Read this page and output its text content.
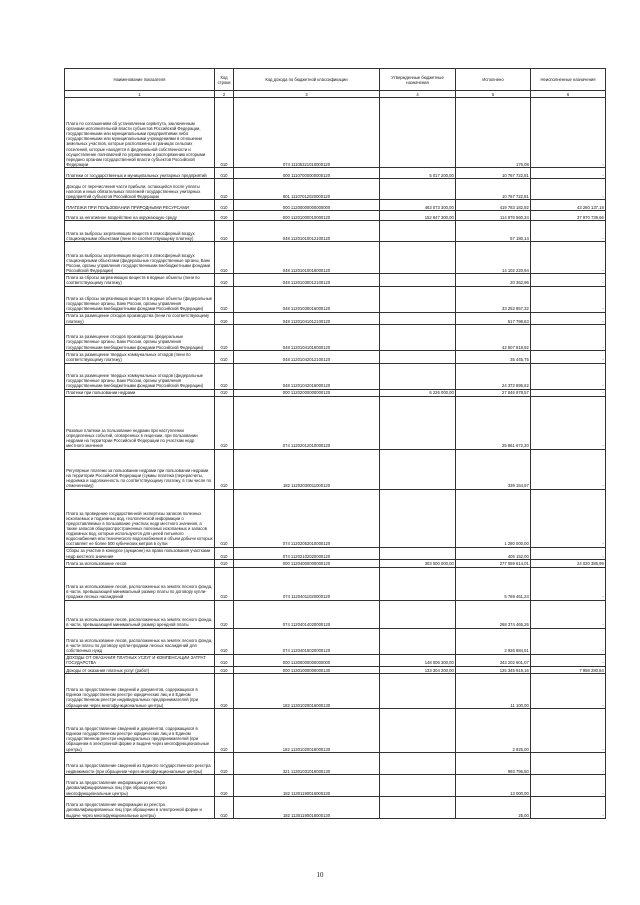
Наименование показателя	Код строки	Код дохода по бюджетной классификации	Утвержденные бюджетные назначения	Исполнено	Неисполненные назначения
1	2	3	4	5	6
Плата по соглашениям об установлении сервитута, заключенным органами исполнительной власти субъектов Российской Федерации, государственными или муниципальными предприятиями либо государственными или муниципальными учреждениями в отношении земельных участков, которые расположены в границах сельских поселений, которые находятся в федеральной собственности и осуществление полномочий по управлению и распоряжению которыми передано органам государственной власти субъектов Российской Федерации	010	074 11105321010000120		176,08	-
Платежи от государственных и муниципальных унитарных предприятий	010	000 11107000000000120	5 017 200,00	10 767 722,81	-
Доходы от перечисления части прибыли, остающейся после уплаты налогов и иных обязательных платежей государственных унитарных предприятий субъектов Российской Федерации	010	801 11107012020000120		10 767 722,81	-
ПЛАТЕЖИ ПРИ ПОЛЬЗОВАНИИ ПРИРОДНЫМИ РЕСУРСАМИ	010	000 11200000000000000	463 073 300,00	419 783 182,82	43 260 137,18
Плата за негативное воздействие на окружающую среду	010	000 11201000010000120	152 847 300,00	114 876 560,34	37 970 739,66
Плата за выбросы загрязняющих веществ в атмосферный воздух стационарными объектами (пени по соответствующему платежу)	010	048 11201010012100120		67 180,14	-
Плата за выбросы загрязняющих веществ в атмосферный воздух стационарными объектами (федеральные государственные органы, Банк России, органы управления государственными внебюджетными фондами Российской Федерации)	010	048 11201010016000120		14 102 220,94	-
Плата за сбросы загрязняющих веществ в водные объекты (пени по соответствующему платежу)	010	048 11201030012100120		20 362,96	-
Плата за сбросы загрязняющих веществ в водные объекты (федеральные государственные органы, Банк России, органы управления государственными внебюджетными фондами Российской Федерации)	010	048 11201030016000120		33 252 857,32	-
Плата за размещение отходов производства (пени по соответствующему платежу)	010	048 11201041012100120		517 798,63	-
Плата за размещение отходов производства (федеральные государственные органы, Банк России, органы управления государственными внебюджетными фондами Российской Федерации)	010	048 11201041016000120		42 507 818,92	-
Плата за размещение твердых коммунальных отходов (пени по соответствующему платежу)	010	048 11201042012100120		35 445,75	-
Плата за размещение твердых коммунальных отходов (федеральные государственные органы, Банк России, органы управления государственными внебюджетными фондами Российской Федерации)	010	048 11201042016000120		24 372 895,62	-
Платежи при пользовании недрами	010	000 11202000000000120	6 226 000,00	27 846 978,57	-
Разовые платежи за пользование недрами при наступлении определенных событий, оговоренных в лицензии, при пользовании недрами на территории Российской Федерации по участкам недр местного значения	010	074 11202012010000120		25 861 672,20	-
Регулярные платежи за пользование недрами при пользовании недрами на территории Российской Федерации (суммы платежа (перерасчеты, недоимка и задолженность по соответствующему платежу, в том числе по отмененному)	010	182 11202030011000120		339 154,57	-
Плата за проведение государственной экспертизы запасов полезных ископаемых и подземных вод, геологической информации о предоставляемых в пользование участках недр местного значения, а также запасов общераспространенных полезных ископаемых и запасов подземных вод, которые используются для целей питьевого водоснабжения или технического водоснабжения и объем добычи которых составляет не более 500 кубических метров в сутки	010	074 11202052010000120		1 280 000,00	-
Сборы за участие в конкурсе (аукционе) на право пользования участками недр местного значения	010	074 11202102020000120		405 152,00	-
Плата за использование лесов	010	000 11204000000000120	303 000 000,00	277 059 614,01	24 020 385,99
Плата за использование лесов, расположенных на землях лесного фонда, в части, превышающей минимальный размер платы по договору купли-продажи лесных насаждений	010	074 11204011020000120		5 769 461,24	-
Плата за использование лесов, расположенных на землях лесного фонда, в части, превышающей минимальный размер арендной платы	010	074 11204014020000120		268 374 465,26	-
Плата за использование лесов, расположенных на землях лесного фонда, в части платы по договору купли-продажи лесных насаждений для собственных нужд	010	074 11204015020000120		2 926 684,51	-
ДОХОДЫ ОТ ОКАЗАНИЯ ПЛАТНЫХ УСЛУГ И КОМПЕНСАЦИИ ЗАТРАТ ГОСУДАРСТВА	010	000 11300000000000000	148 006 300,00	343 202 601,07	-
Доходы от оказания платных услуг (работ)	010	000 11301000000000130	133 304 200,00	125 345 919,16	7 958 280,84
Плата за предоставление сведений и документов, содержащихся в Едином государственном реестре юридических лиц и в Едином государственном реестре индивидуальных предпринимателей (при обращении через многофункциональные центры)	010	182 11301020016000130		11 100,00	-
Плата за предоставление сведений и документов, содержащихся в Едином государственном реестре юридических лиц и в Едином государственном реестре индивидуальных предпринимателей (при обращении в электронной форме и выдаче через многофункциональные центры)	010	182 11301020018000130		2 925,00	-
Плата за предоставление сведений из Единого государственного реестра недвижимости (при обращении через многофункциональные центры)	010	321 11301031016000130		993 795,50	-
Плата за предоставление информации из реестра дисквалифицированных лиц (при обращении через многофункциональные центры)	010	182 11301190016000130		13 000,00	-
Плата за предоставление информации из реестра дисквалифицированных лиц (при обращении в электронной форме и выдаче через многофункциональные центры)	010	182 11301190018000130		25,00	-
10
